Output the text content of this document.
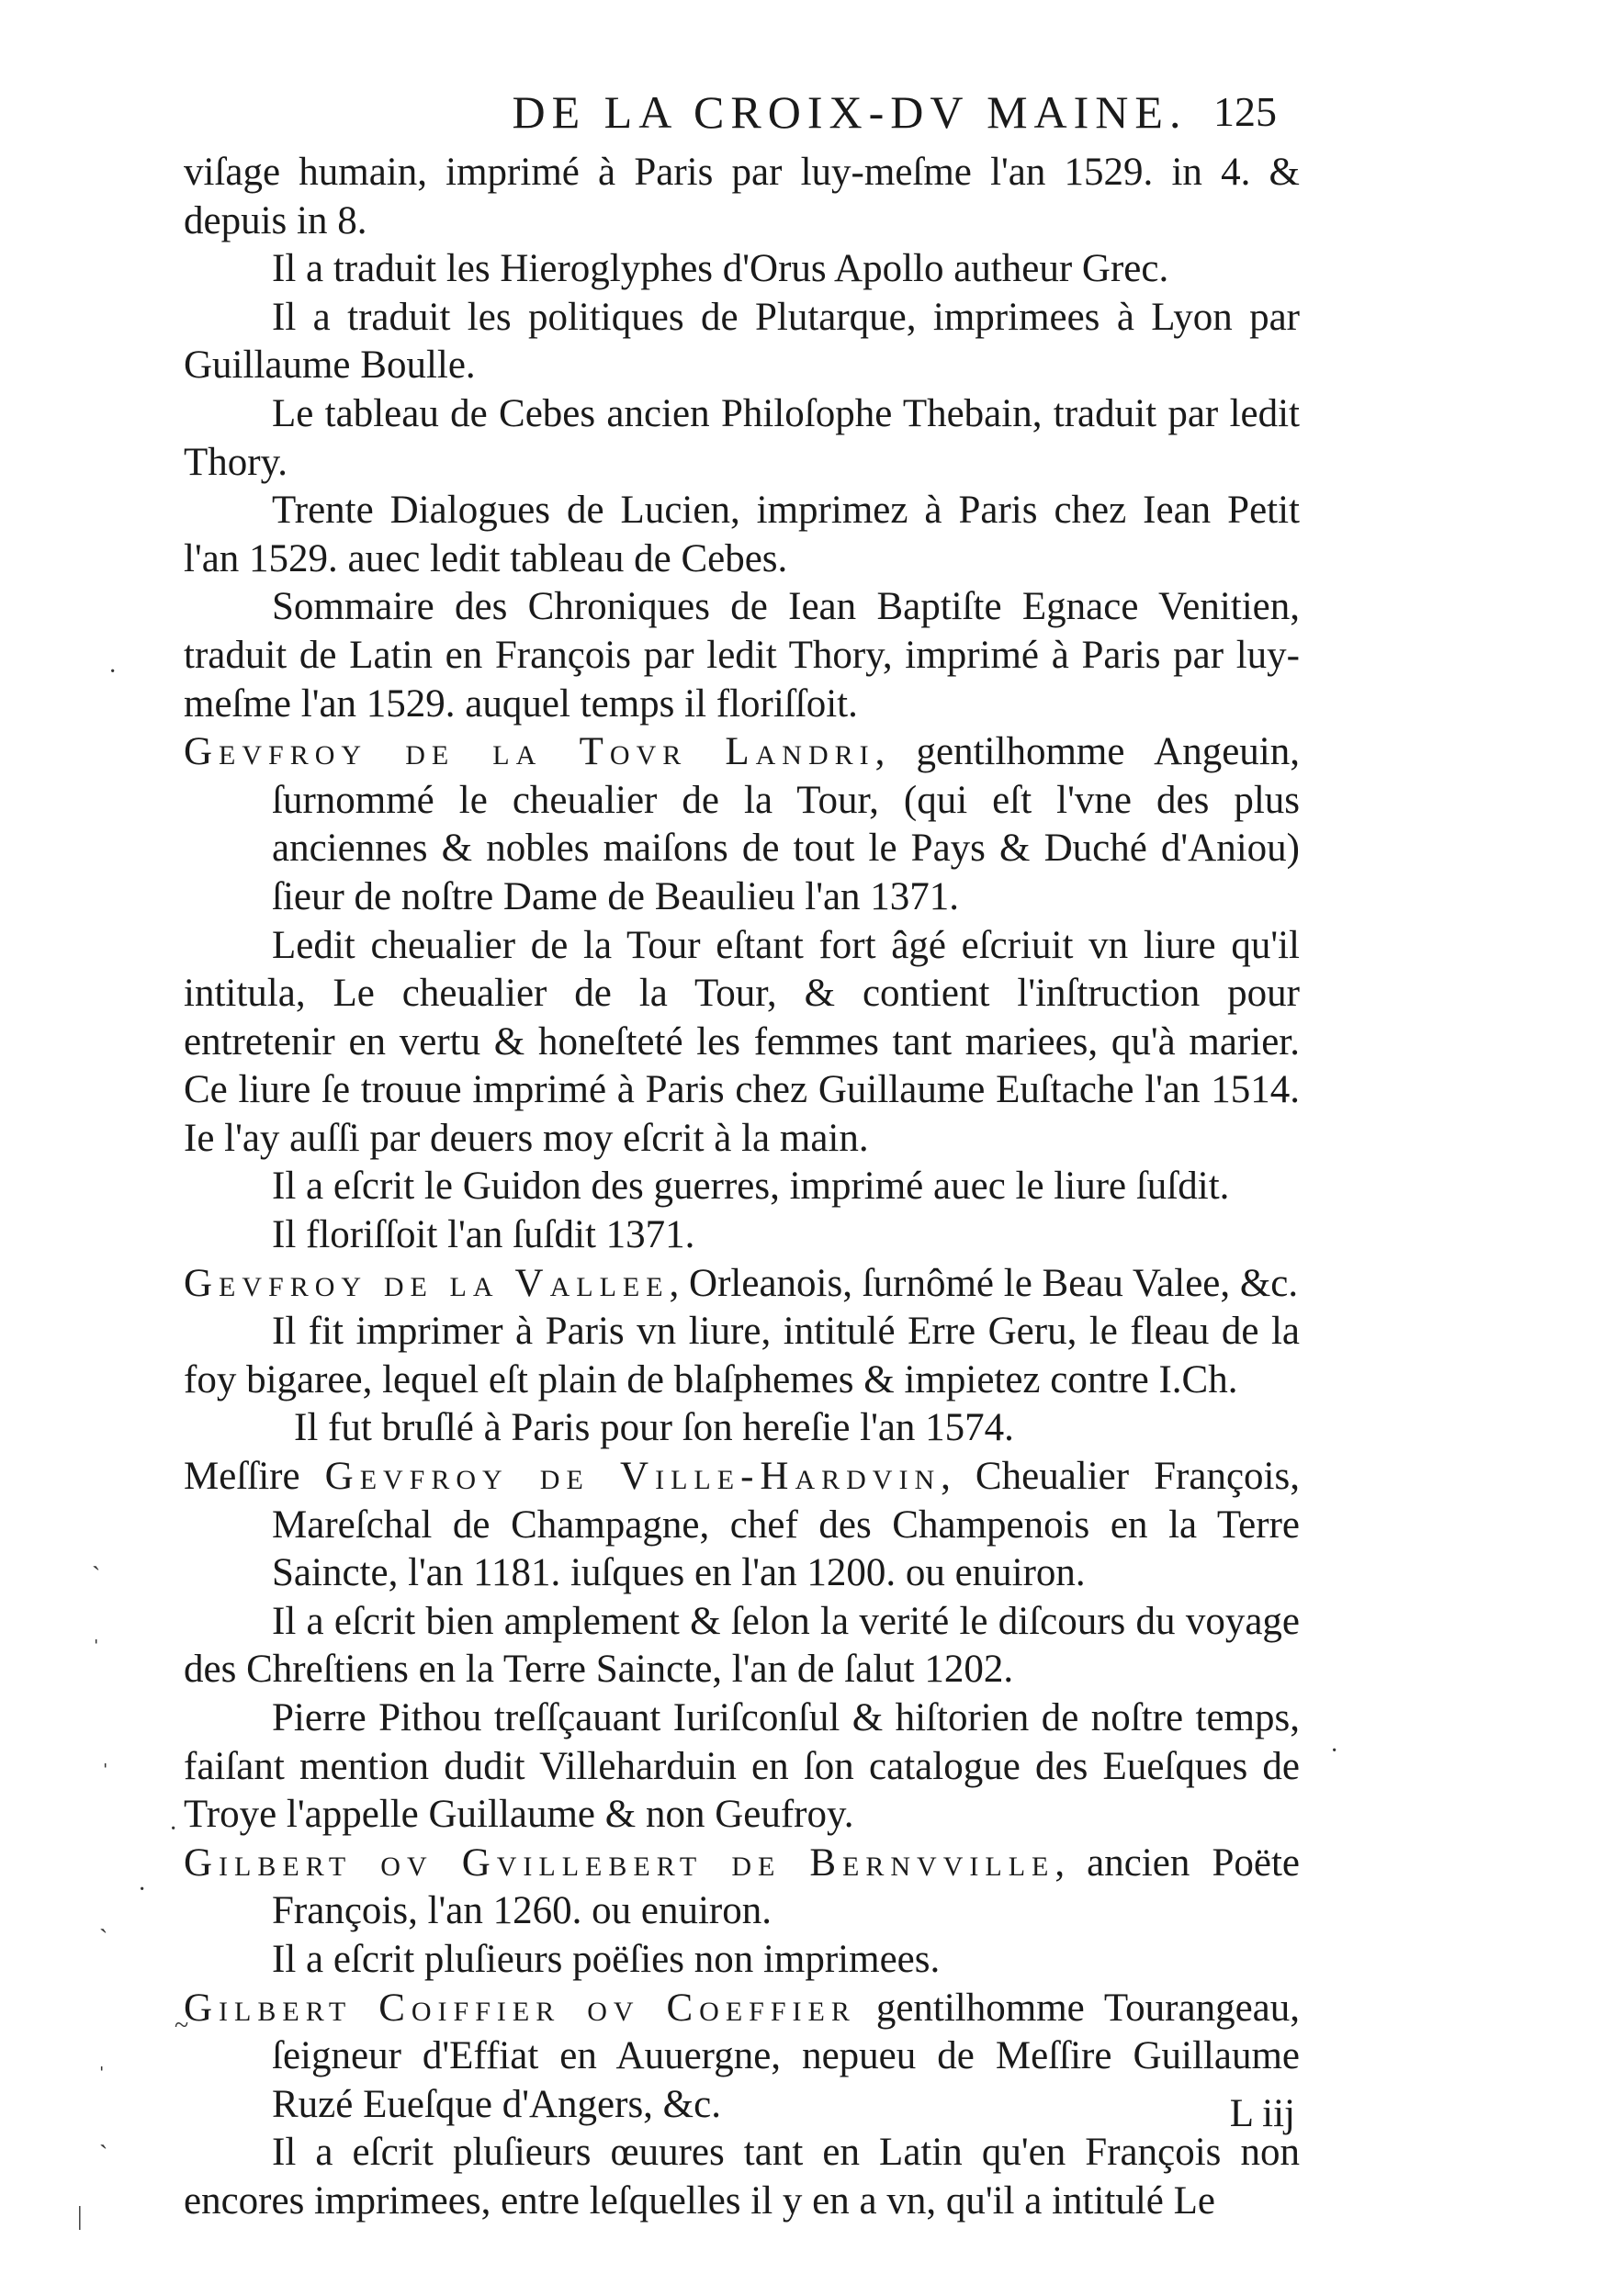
DE LA CROIX-DV MAINE. 125

viſage humain, imprimé à Paris par luy-meſme l'an 1529. in 4. & depuis in 8.

Il a traduit les Hieroglyphes d'Orus Apollo autheur Grec.

Il a traduit les politiques de Plutarque, imprimees à Lyon par Guillaume Boulle.

Le tableau de Cebes ancien Philoſophe Thebain, traduit par ledit Thory.

Trente Dialogues de Lucien, imprimez à Paris chez Iean Petit l'an 1529. auec ledit tableau de Cebes.

Sommaire des Chroniques de Iean Baptiſte Egnace Venitien, traduit de Latin en François par ledit Thory, imprimé à Paris par luy-meſme l'an 1529. auquel temps il floriſſoit.

Gevfroy de la Tovr Landri, gentilhomme Angeuin, ſurnommé le cheualier de la Tour, (qui eſt l'vne des plus anciennes & nobles maiſons de tout le Pays & Duché d'Aniou) ſieur de noſtre Dame de Beaulieu l'an 1371.

Ledit cheualier de la Tour eſtant fort âgé eſcriuit vn liure qu'il intitula, Le cheualier de la Tour, & contient l'inſtruction pour entretenir en vertu & honeſteté les femmes tant mariees, qu'à marier. Ce liure ſe trouue imprimé à Paris chez Guillaume Euſtache l'an 1514. Ie l'ay auſſi par deuers moy eſcrit à la main.

Il a eſcrit le Guidon des guerres, imprimé auec le liure ſuſdit.

Il floriſſoit l'an ſuſdit 1371.

Gevfroy de la Vallee, Orleanois, ſurnômé le Beau Valee, &c.

Il fit imprimer à Paris vn liure, intitulé Erre Geru, le fleau de la foy bigaree, lequel eſt plain de blaſphemes & impietez contre I.Ch.

Il fut bruſlé à Paris pour ſon hereſie l'an 1574.

Meſſire Gevfroy de Ville-Hardvin, Cheualier François, Mareſchal de Champagne, chef des Champenois en la Terre Saincte, l'an 1181. iuſques en l'an 1200. ou enuiron.

Il a eſcrit bien amplement & ſelon la verité le diſcours du voyage des Chreſtiens en la Terre Saincte, l'an de ſalut 1202.

Pierre Pithou treſſçauant Iuriſconſul & hiſtorien de noſtre temps, faiſant mention dudit Villeharduin en ſon catalogue des Eueſques de Troye l'appelle Guillaume & non Geufroy.

Gilbert ov Gvillebert de Bernvville, ancien Poëte François, l'an 1260. ou enuiron.

Il a eſcrit pluſieurs poëſies non imprimees.

Gilbert Coiffier ov Coeffier gentilhomme Tourangeau, ſeigneur d'Effiat en Auuergne, nepueu de Meſſire Guillaume Ruzé Eueſque d'Angers, &c.

Il a eſcrit pluſieurs œuures tant en Latin qu'en François non encores imprimees, entre leſquelles il y en a vn, qu'il a intitulé Le

L iij
·
ˋ
ˈ
ˈ
·
·
ˋ
~
ˈ
ˋ
|
·
